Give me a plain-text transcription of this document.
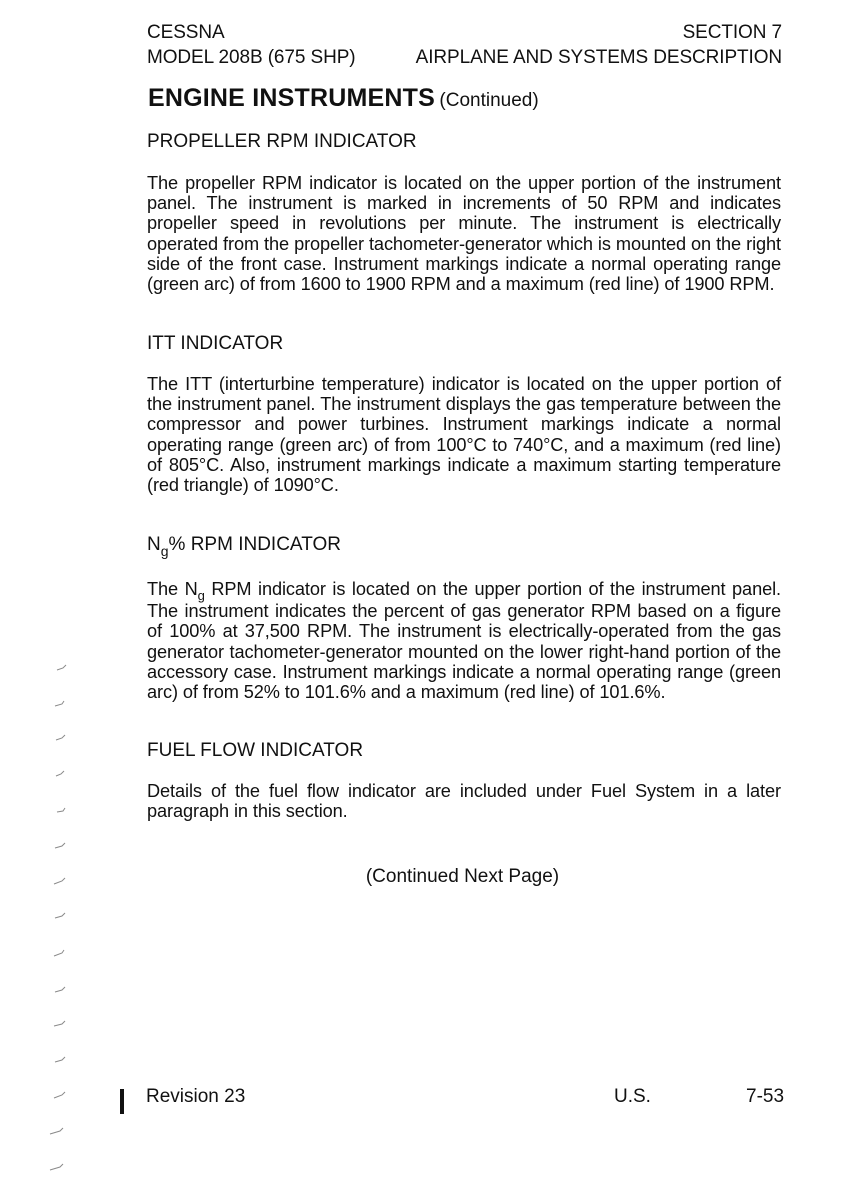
CESSNA	SECTION 7
MODEL 208B (675 SHP)	AIRPLANE AND SYSTEMS DESCRIPTION
ENGINE INSTRUMENTS (Continued)
PROPELLER RPM INDICATOR
The propeller RPM indicator is located on the upper portion of the instrument panel. The instrument is marked in increments of 50 RPM and indicates propeller speed in revolutions per minute. The instrument is electrically operated from the propeller tachometer-generator which is mounted on the right side of the front case. Instrument markings indicate a normal operating range (green arc) of from 1600 to 1900 RPM and a maximum (red line) of 1900 RPM.
ITT INDICATOR
The ITT (interturbine temperature) indicator is located on the upper portion of the instrument panel. The instrument displays the gas temperature between the compressor and power turbines. Instrument markings indicate a normal operating range (green arc) of from 100°C to 740°C, and a maximum (red line) of 805°C. Also, instrument markings indicate a maximum starting temperature (red triangle) of 1090°C.
$N_g\%$ RPM INDICATOR
The $N_g$ RPM indicator is located on the upper portion of the instrument panel. The instrument indicates the percent of gas generator RPM based on a figure of 100% at 37,500 RPM. The instrument is electrically-operated from the gas generator tachometer-generator mounted on the lower right-hand portion of the accessory case. Instrument markings indicate a normal operating range (green arc) of from 52% to 101.6% and a maximum (red line) of 101.6%.
FUEL FLOW INDICATOR
Details of the fuel flow indicator are included under Fuel System in a later paragraph in this section.
(Continued Next Page)
Revision 23	U.S.	7-53
